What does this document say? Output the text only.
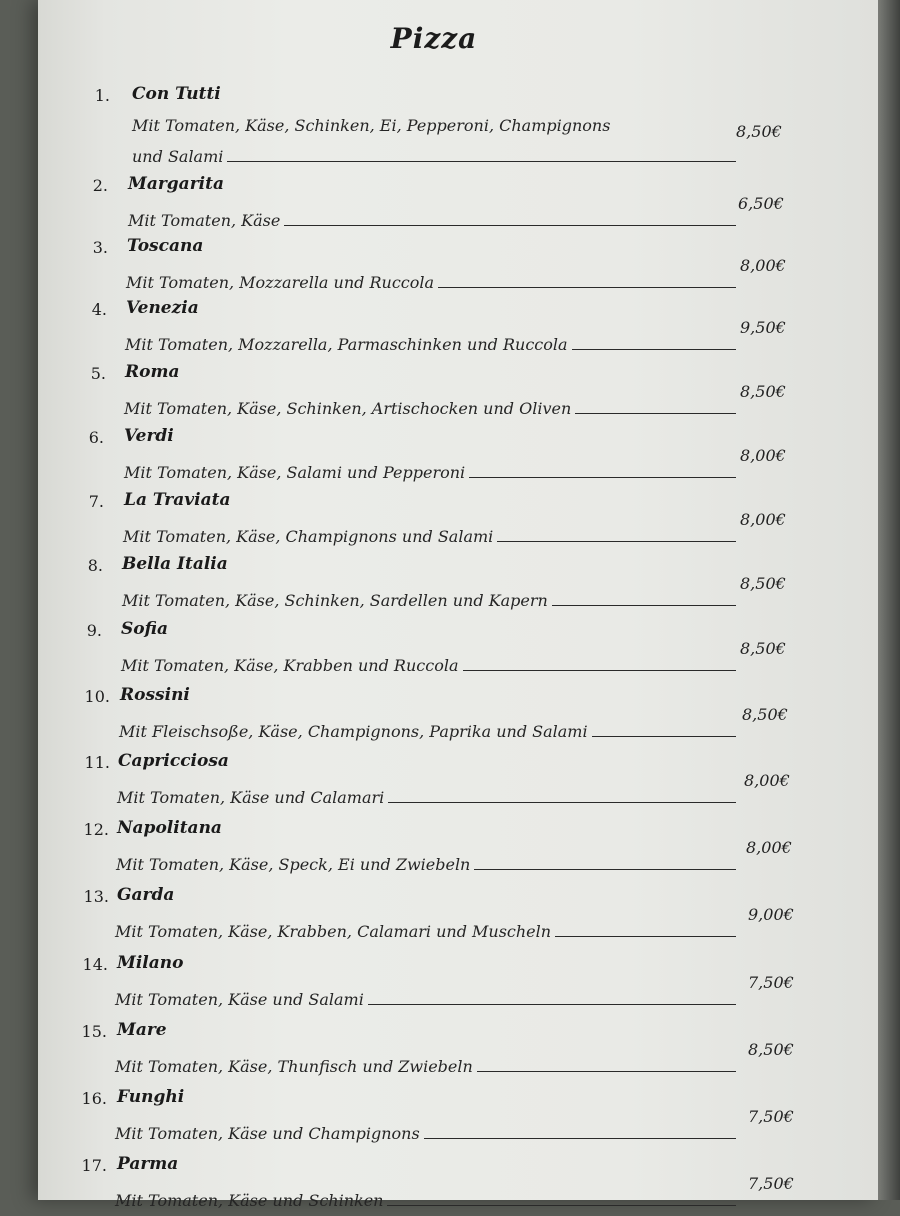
Pizza
1. Con Tutti
Mit Tomaten, Käse, Schinken, Ei, Pepperoni, Champignons
und Salami
8,50€
2. Margarita
Mit Tomaten, Käse
6,50€
3. Toscana
Mit Tomaten, Mozzarella und Ruccola
8,00€
4. Venezia
Mit Tomaten, Mozzarella, Parmaschinken und Ruccola
9,50€
5. Roma
Mit Tomaten, Käse, Schinken, Artischocken und Oliven
8,50€
6. Verdi
Mit Tomaten, Käse, Salami und Pepperoni
8,00€
7. La Traviata
Mit Tomaten, Käse, Champignons und Salami
8,00€
8. Bella Italia
Mit Tomaten, Käse, Schinken, Sardellen und Kapern
8,50€
9. Sofia
Mit Tomaten, Käse, Krabben und Ruccola
8,50€
10. Rossini
Mit Fleischsoße, Käse, Champignons, Paprika und Salami
8,50€
11. Capricciosa
Mit Tomaten, Käse und Calamari
8,00€
12. Napolitana
Mit Tomaten, Käse, Speck, Ei und Zwiebeln
8,00€
13. Garda
Mit Tomaten, Käse, Krabben, Calamari und Muscheln
9,00€
14. Milano
Mit Tomaten, Käse und Salami
7,50€
15. Mare
Mit Tomaten, Käse, Thunfisch und Zwiebeln
8,50€
16. Funghi
Mit Tomaten, Käse und Champignons
7,50€
17. Parma
Mit Tomaten, Käse und Schinken
7,50€
